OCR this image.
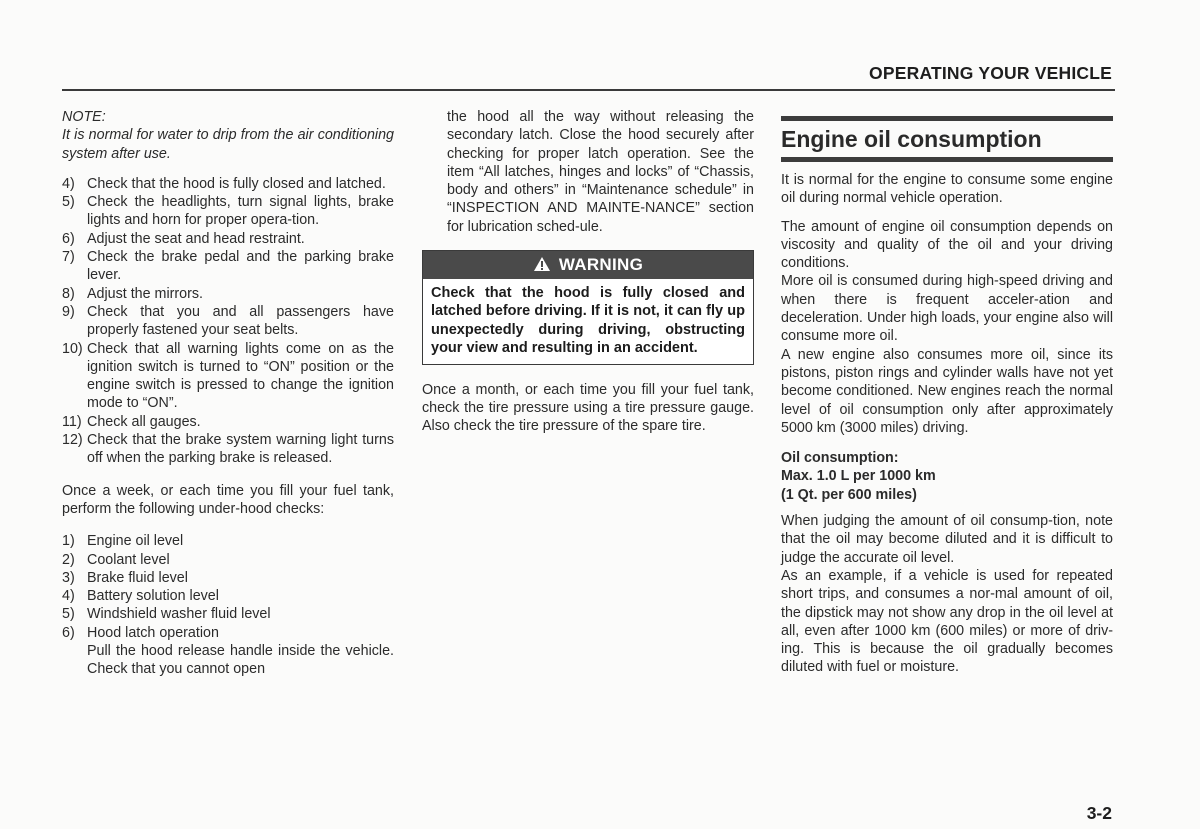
OPERATING YOUR VEHICLE

NOTE:

It is normal for water to drip from the air conditioning system after use.

4) Check that the hood is fully closed and latched.
5) Check the headlights, turn signal lights, brake lights and horn for proper opera-tion.
6) Adjust the seat and head restraint.
7) Check the brake pedal and the parking brake lever.
8) Adjust the mirrors.
9) Check that you and all passengers have properly fastened your seat belts.
10) Check that all warning lights come on as the ignition switch is turned to “ON” position or the engine switch is pressed to change the ignition mode to “ON”.
11) Check all gauges.
12) Check that the brake system warning light turns off when the parking brake is released.

Once a week, or each time you fill your fuel tank, perform the following under-hood checks:

1) Engine oil level
2) Coolant level
3) Brake fluid level
4) Battery solution level
5) Windshield washer fluid level
6) Hood latch operation
Pull the hood release handle inside the vehicle. Check that you cannot open

the hood all the way without releasing the secondary latch. Close the hood securely after checking for proper latch operation. See the item “All latches, hinges and locks” of “Chassis, body and others” in “Maintenance schedule” in “INSPECTION AND MAINTE-NANCE” section for lubrication sched-ule.

WARNING
Check that the hood is fully closed and latched before driving. If it is not, it can fly up unexpectedly during driving, obstructing your view and resulting in an accident.

Once a month, or each time you fill your fuel tank, check the tire pressure using a tire pressure gauge. Also check the tire pressure of the spare tire.

Engine oil consumption

It is normal for the engine to consume some engine oil during normal vehicle operation.

The amount of engine oil consumption depends on viscosity and quality of the oil and your driving conditions.

More oil is consumed during high-speed driving and when there is frequent acceler-ation and deceleration. Under high loads, your engine also will consume more oil.

A new engine also consumes more oil, since its pistons, piston rings and cylinder walls have not yet become conditioned. New engines reach the normal level of oil consumption only after approximately 5000 km (3000 miles) driving.

Oil consumption:

Max. 1.0 L per 1000 km

(1 Qt. per 600 miles)

When judging the amount of oil consump-tion, note that the oil may become diluted and it is difficult to judge the accurate oil level.

As an example, if a vehicle is used for repeated short trips, and consumes a nor-mal amount of oil, the dipstick may not show any drop in the oil level at all, even after 1000 km (600 miles) or more of driv-ing. This is because the oil gradually becomes diluted with fuel or moisture.

3-2
